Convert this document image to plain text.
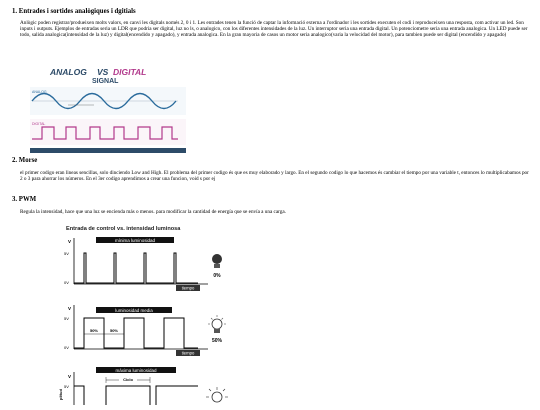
1. Entrades i sortides analògiques i dgitials

Anlògic poden registrar/produeixen molts valors, en canvi les digitals només 2, 0 i 1. Les entrades tenen la funció de captar la informació externa a l'ordinador i les sortides executen el codi i reproduceixen una resposta, com activar un led. Son inputs i outputs. Ejemplos de entradas seria un LDR que podria ser digital, luz no ls, o analogico, con los diferentes intensidades de la luz. Un interruptor seria una entrada digital. Un potenciometre seria una entrada analogica. Un LED puede ser todo, salida analogica(intensidad de la luz) y digital(encendido y apagado), y entrada analogica. En la gran mayoria de casos un motor seria analogico(varia la velocidad del motor), para tambien puede ser digital (encendido y apagado)

ANALOG VS DIGITAL
SIGNAL
ANALOG
DIGITAL
2. Morse

el primer codigo eran lineas sencillas, solo dinciendo Low and High. El problema del primer codigo és que es muy elaborado y largo. En el segundo codigo lo que hacemos és cambiar el tiempo por una variable t, entonces lo multiplicabamos por 2 o 3 para ahorrar los números. En el 3er codigo aprendimos a crear una funcion, void s por ej

3. PWM

Regula la intensidad, hace que una luz se encienda más o menos. para modificar la cantidad de energía que se envía a una carga.

Entrada de control vs. intensidad luminosa
V
5V
0V
mínima luminosidad
tiempo
0%
V
5V
0V
luminosidad media
50%	50%
tiempo
50%
V
5V
plitud
máxima luminosidad
Ciclo
